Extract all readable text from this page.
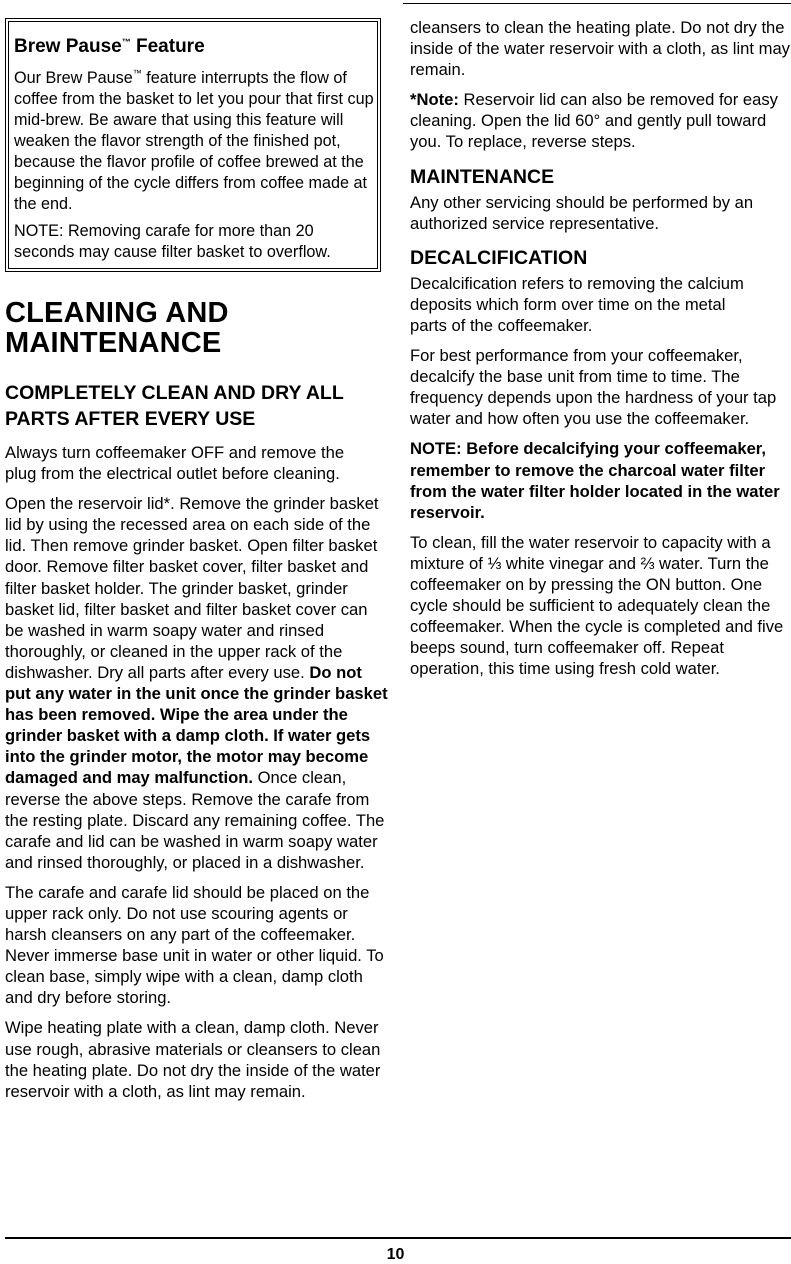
Brew Pause™ Feature

Our Brew Pause™ feature interrupts the flow of coffee from the basket to let you pour that first cup mid-brew. Be aware that using this feature will weaken the flavor strength of the finished pot, because the flavor profile of coffee brewed at the beginning of the cycle differs from coffee made at the end.

NOTE: Removing carafe for more than 20 seconds may cause filter basket to overflow.

CLEANING AND MAINTENANCE
COMPLETELY CLEAN AND DRY ALL PARTS AFTER EVERY USE

Always turn coffeemaker OFF and remove the plug from the electrical outlet before cleaning.

Open the reservoir lid*. Remove the grinder basket lid by using the recessed area on each side of the lid. Then remove grinder basket. Open filter basket door. Remove filter basket cover, filter basket and filter basket holder. The grinder basket, grinder basket lid, filter basket and filter basket cover can be washed in warm soapy water and rinsed thoroughly, or cleaned in the upper rack of the dishwasher. Dry all parts after every use. Do not put any water in the unit once the grinder basket has been removed. Wipe the area under the grinder basket with a damp cloth. If water gets into the grinder motor, the motor may become damaged and may malfunction. Once clean, reverse the above steps. Remove the carafe from the resting plate. Discard any remaining coffee. The carafe and lid can be washed in warm soapy water and rinsed thoroughly, or placed in a dishwasher.

The carafe and carafe lid should be placed on the upper rack only. Do not use scouring agents or harsh cleansers on any part of the coffeemaker. Never immerse base unit in water or other liquid. To clean base, simply wipe with a clean, damp cloth and dry before storing.

Wipe heating plate with a clean, damp cloth. Never use rough, abrasive materials or cleansers to clean the heating plate. Do not dry the inside of the water reservoir with a cloth, as lint may remain.

cleansers to clean the heating plate. Do not dry the inside of the water reservoir with a cloth, as lint may remain.

*Note: Reservoir lid can also be removed for easy cleaning. Open the lid 60° and gently pull toward you. To replace, reverse steps.

MAINTENANCE

Any other servicing should be performed by an authorized service representative.

DECALCIFICATION

Decalcification refers to removing the calcium deposits which form over time on the metal parts of the coffeemaker.

For best performance from your coffeemaker, decalcify the base unit from time to time. The frequency depends upon the hardness of your tap water and how often you use the coffeemaker.

NOTE: Before decalcifying your coffeemaker, remember to remove the charcoal water filter from the water filter holder located in the water reservoir.

To clean, fill the water reservoir to capacity with a mixture of ⅓ white vinegar and ⅔ water. Turn the coffeemaker on by pressing the ON button. One cycle should be sufficient to adequately clean the coffeemaker. When the cycle is completed and five beeps sound, turn coffeemaker off. Repeat operation, this time using fresh cold water.

10
